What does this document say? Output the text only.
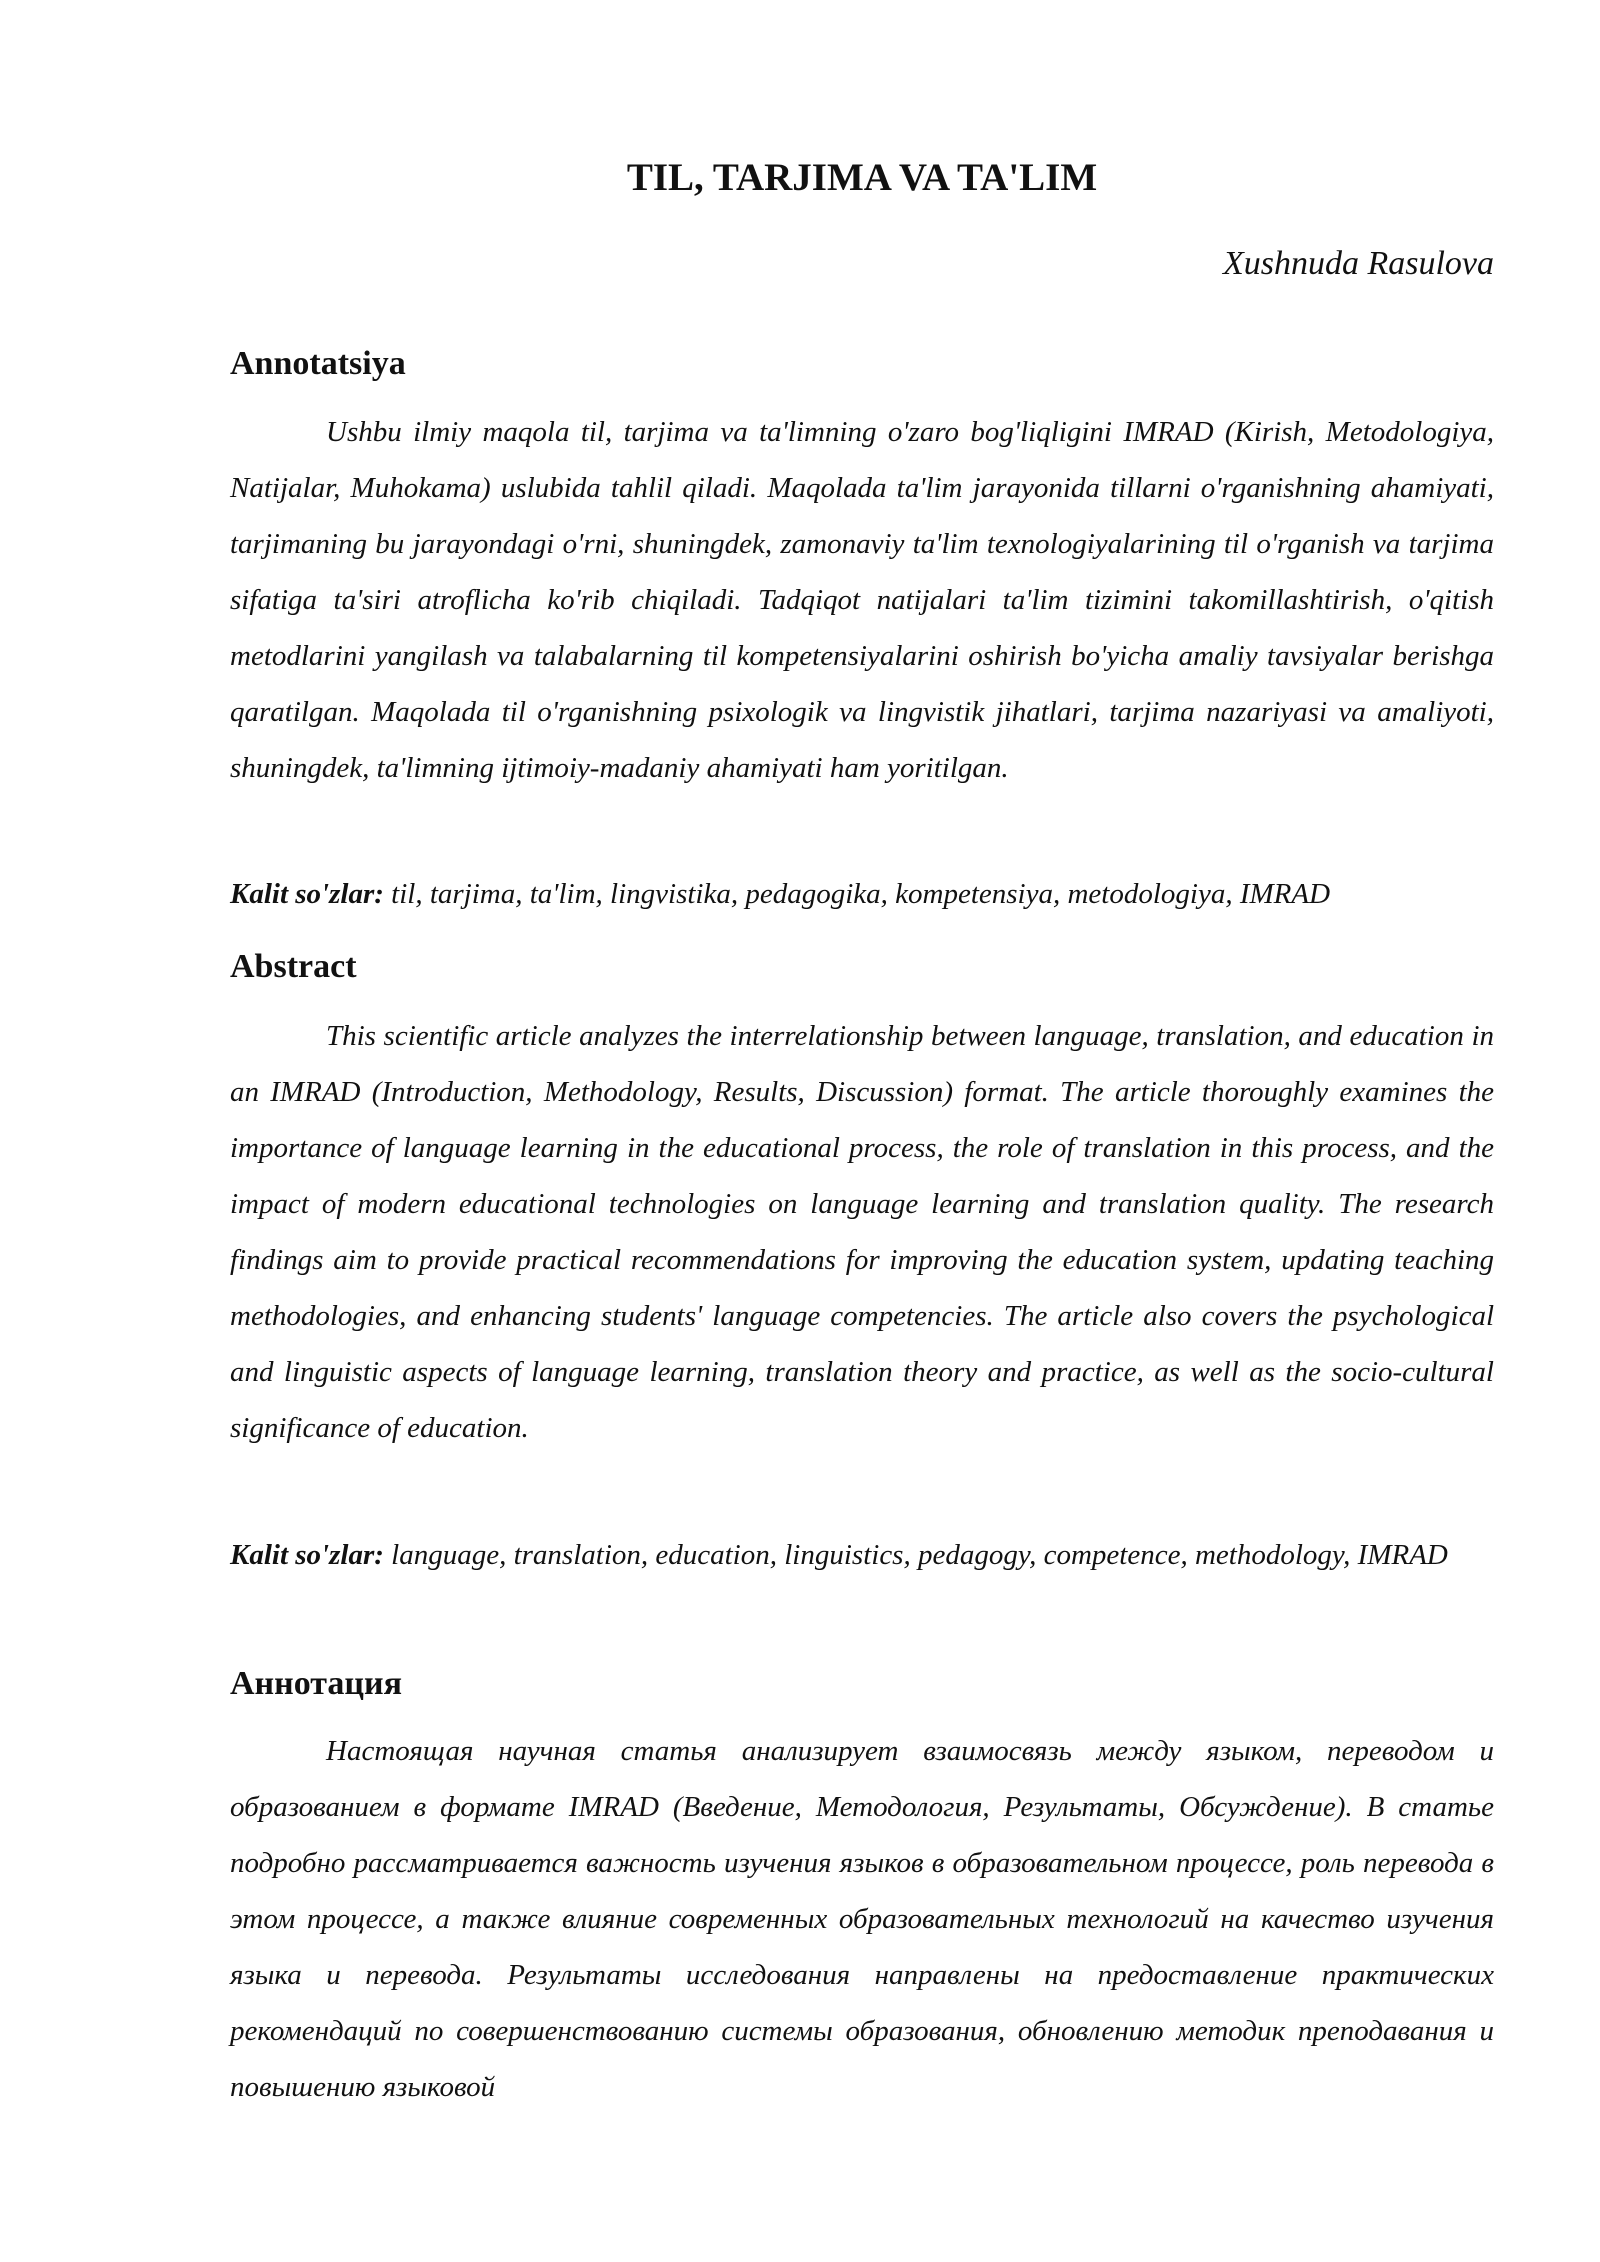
TIL, TARJIMA VA TA'LIM

Xushnuda Rasulova

Annotatsiya

Ushbu ilmiy maqola til, tarjima va ta'limning o'zaro bog'liqligini IMRAD (Kirish, Metodologiya, Natijalar, Muhokama) uslubida tahlil qiladi. Maqolada ta'lim jarayonida tillarni o'rganishning ahamiyati, tarjimaning bu jarayondagi o'rni, shuningdek, zamonaviy ta'lim texnologiyalarining til o'rganish va tarjima sifatiga ta'siri atroflicha ko'rib chiqiladi. Tadqiqot natijalari ta'lim tizimini takomillashtirish, o'qitish metodlarini yangilash va talabalarning til kompetensiyalarini oshirish bo'yicha amaliy tavsiyalar berishga qaratilgan. Maqolada til o'rganishning psixologik va lingvistik jihatlari, tarjima nazariyasi va amaliyoti, shuningdek, ta'limning ijtimoiy-madaniy ahamiyati ham yoritilgan.

Kalit so'zlar: til, tarjima, ta'lim, lingvistika, pedagogika, kompetensiya, metodologiya, IMRAD

Abstract

This scientific article analyzes the interrelationship between language, translation, and education in an IMRAD (Introduction, Methodology, Results, Discussion) format. The article thoroughly examines the importance of language learning in the educational process, the role of translation in this process, and the impact of modern educational technologies on language learning and translation quality. The research findings aim to provide practical recommendations for improving the education system, updating teaching methodologies, and enhancing students' language competencies. The article also covers the psychological and linguistic aspects of language learning, translation theory and practice, as well as the socio-cultural significance of education.

Kalit so'zlar: language, translation, education, linguistics, pedagogy, competence, methodology, IMRAD

Аннотация

Настоящая научная статья анализирует взаимосвязь между языком, переводом и образованием в формате IMRAD (Введение, Методология, Результаты, Обсуждение). В статье подробно рассматривается важность изучения языков в образовательном процессе, роль перевода в этом процессе, а также влияние современных образовательных технологий на качество изучения языка и перевода. Результаты исследования направлены на предоставление практических рекомендаций по совершенствованию системы образования, обновлению методик преподавания и повышению языковой
